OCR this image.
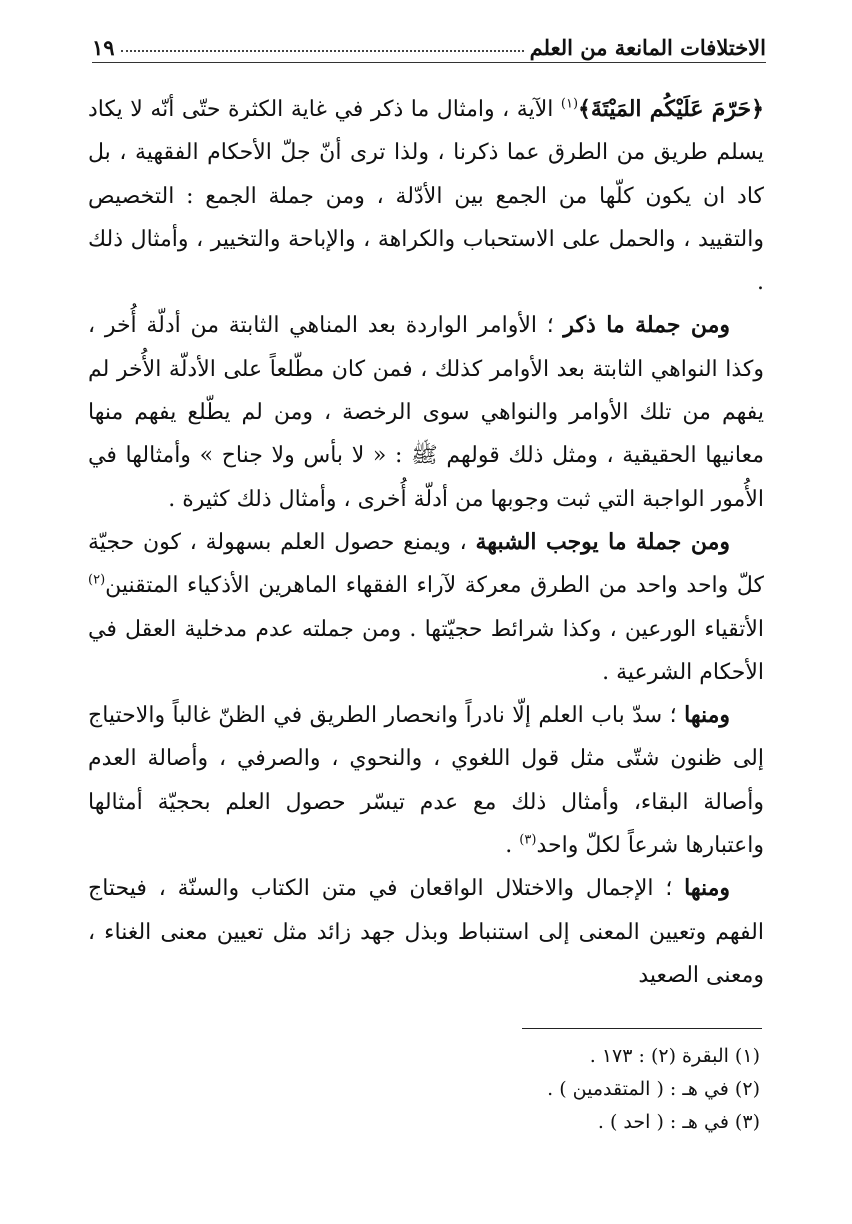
الاختلافات المانعة من العلم
١٩

﴿حَرّمَ عَلَيْكُم المَيْتَةَ﴾$^{(١)}$ الآية ، وامثال ما ذكر في غاية الكثرة حتّى أنّه لا يكاد يسلم طريق من الطرق عما ذكرنا ، ولذا ترى أنّ جلّ الأحكام الفقهية ، بل كاد ان يكون كلّها من الجمع بين الأدّلة ، ومن جملة الجمع : التخصيص والتقييد ، والحمل على الاستحباب والكراهة ، والإباحة والتخيير ، وأمثال ذلك .

ومن جملة ما ذكر ؛ الأوامر الواردة بعد المناهي الثابتة من أدلّة أُخر ، وكذا النواهي الثابتة بعد الأوامر كذلك ، فمن كان مطّلعاً على الأدلّة الأُخر لم يفهم من تلك الأوامر والنواهي سوى الرخصة ، ومن لم يطّلع يفهم منها معانيها الحقيقية ، ومثل ذلك قولهم ﷺ : « لا بأس ولا جناح » وأمثالها في الأُمور الواجبة التي ثبت وجوبها من أدلّة أُخرى ، وأمثال ذلك كثيرة .

ومن جملة ما يوجب الشبهة ، ويمنع حصول العلم بسهولة ، كون حجيّة كلّ واحد واحد من الطرق معركة لآراء الفقهاء الماهرين الأذكياء المتقنين$^{(٢)}$ الأتقياء الورعين ، وكذا شرائط حجيّتها . ومن جملته عدم مدخلية العقل في الأحكام الشرعية .

ومنها ؛ سدّ باب العلم إلّا نادراً وانحصار الطريق في الظنّ غالباً والاحتياج إلى ظنون شتّى مثل قول اللغوي ، والنحوي ، والصرفي ، وأصالة العدم وأصالة البقاء، وأمثال ذلك مع عدم تيسّر حصول العلم بحجيّة أمثالها واعتبارها شرعاً لكلّ واحد$^{(٣)}$ .

ومنها ؛ الإجمال والاختلال الواقعان في متن الكتاب والسنّة ، فيحتاج الفهم وتعيين المعنى إلى استنباط وبذل جهد زائد مثل تعيين معنى الغناء ، ومعنى الصعيد

(١) البقرة (٢) : ١٧٣ .
(٢) في هـ : ( المتقدمين ) .
(٣) في هـ : ( احد ) .
